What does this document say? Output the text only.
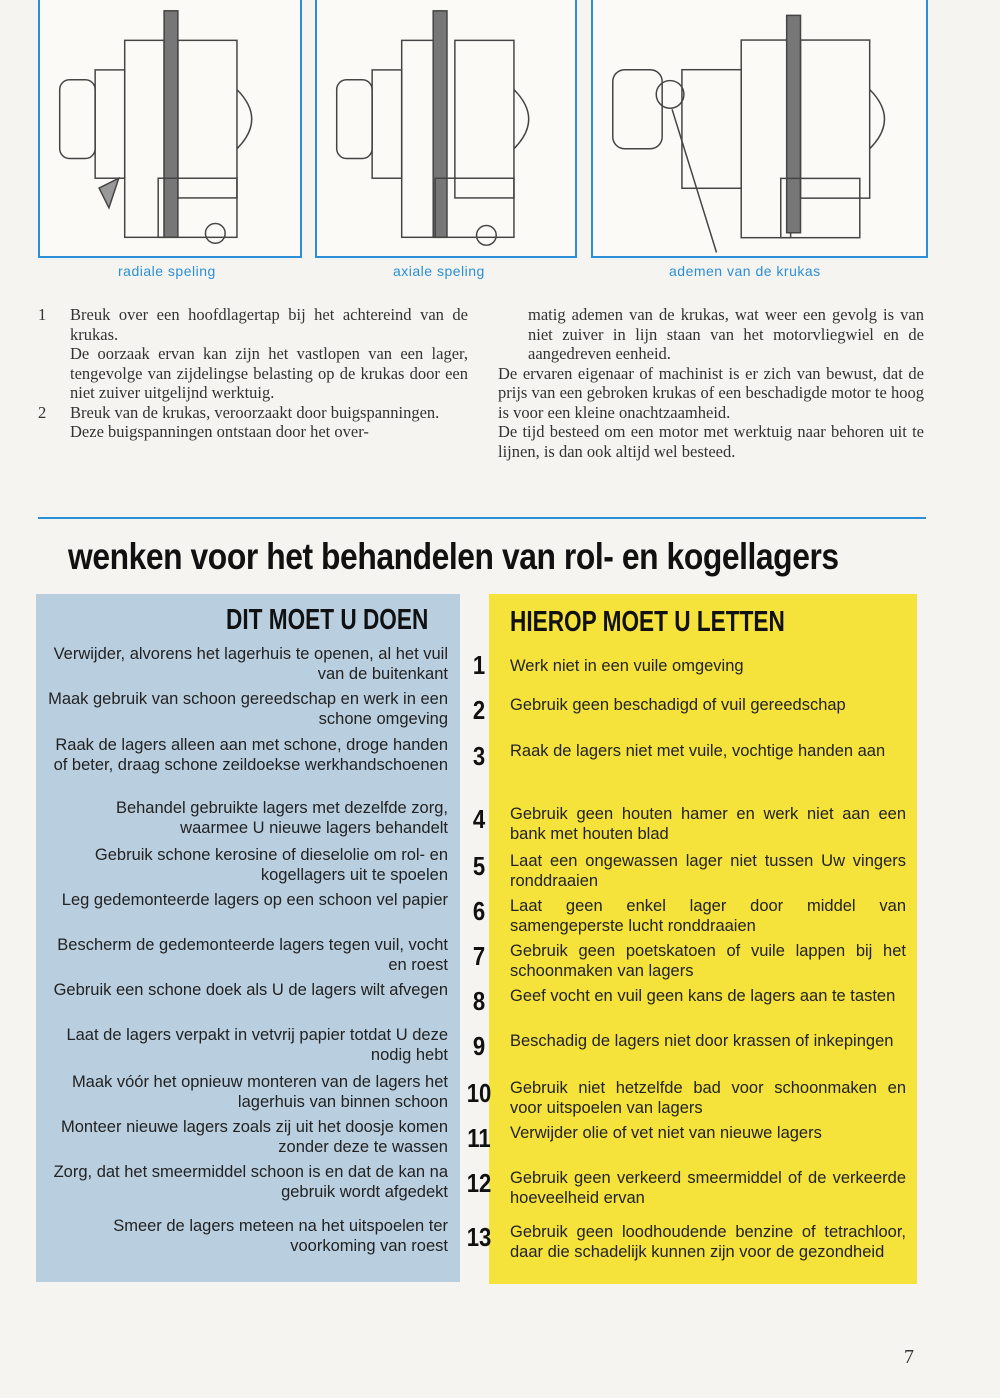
radiale speling	axiale speling	ademen van de krukas

1 Breuk over een hoofdlagertap bij het achtereind van de krukas.

De oorzaak ervan kan zijn het vastlopen van een lager, tengevolge van zijdelingse belasting op de krukas door een niet zuiver uitgelijnd werktuig.

2 Breuk van de krukas, veroorzaakt door buigspanningen.

Deze buigspanningen ontstaan door het over-

matig ademen van de krukas, wat weer een gevolg is van niet zuiver in lijn staan van het motorvliegwiel en de aangedreven eenheid.

De ervaren eigenaar of machinist is er zich van bewust, dat de prijs van een gebroken krukas of een beschadigde motor te hoog is voor een kleine onachtzaamheid.

De tijd besteed om een motor met werktuig naar behoren uit te lijnen, is dan ook altijd wel besteed.

wenken voor het behandelen van rol- en kogellagers
DIT MOET U DOEN	HIEROP MOET U LETTEN
Verwijder, alvorens het lagerhuis te openen, al het vuil van de buitenkant 1	Werk niet in een vuile omgeving
Maak gebruik van schoon gereedschap en werk in een schone omgeving 2	Gebruik geen beschadigd of vuil gereedschap
Raak de lagers alleen aan met schone, droge handen of beter, draag schone zeildoekse werkhandschoenen 3	Raak de lagers niet met vuile, vochtige handen aan
Behandel gebruikte lagers met dezelfde zorg, waarmee U nieuwe lagers behandelt 4	Gebruik geen houten hamer en werk niet aan een bank met houten blad
Gebruik schone kerosine of dieselolie om rol- en kogellagers uit te spoelen 5	Laat een ongewassen lager niet tussen Uw vingers ronddraaien
Leg gedemonteerde lagers op een schoon vel papier 6	Laat geen enkel lager door middel van samengeperste lucht ronddraaien
Bescherm de gedemonteerde lagers tegen vuil, vocht en roest 7	Gebruik geen poetskatoen of vuile lappen bij het schoonmaken van lagers
Gebruik een schone doek als U de lagers wilt afvegen 8	Geef vocht en vuil geen kans de lagers aan te tasten
Laat de lagers verpakt in vetvrij papier totdat U deze nodig hebt 9	Beschadig de lagers niet door krassen of inkepingen
Maak vóór het opnieuw monteren van de lagers het lagerhuis van binnen schoon 10 Gebruik niet hetzelfde bad voor schoonmaken en voor uitspoelen van lagers
Monteer nieuwe lagers zoals zij uit het doosje komen zonder deze te wassen 11 Verwijder olie of vet niet van nieuwe lagers
Zorg, dat het smeermiddel schoon is en dat de kan na gebruik wordt afgedekt 12 Gebruik geen verkeerd smeermiddel of de verkeerde hoeveelheid ervan
Smeer de lagers meteen na het uitspoelen ter voorkoming van roest 13 Gebruik geen loodhoudende benzine of tetrachloor, daar die schadelijk kunnen zijn voor de gezondheid
7
